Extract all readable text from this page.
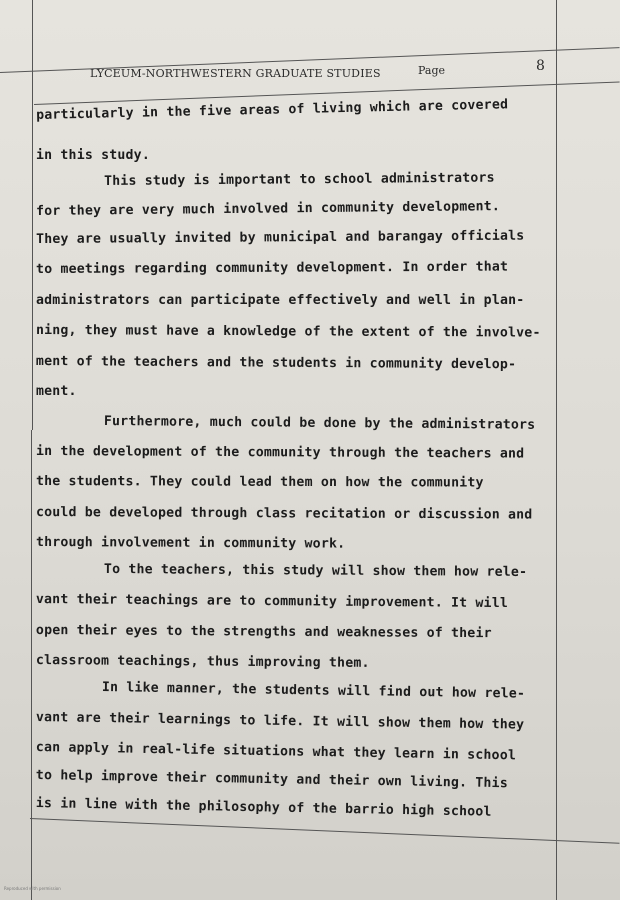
LYCEUM-NORTHWESTERN GRADUATE STUDIES	Page	8
particularly in the five areas of living which are covered
in this study.
This study is important to school administrators
for they are very much involved in community development.
They are usually invited by municipal and barangay officials
to meetings regarding community development. In order that
administrators can participate effectively and well in plan-
ning, they must have a knowledge of the extent of the involve-
ment of the teachers and the students in community develop-
ment.
Furthermore, much could be done by the administrators
in the development of the community through the teachers and
the students. They could lead them on how the community
could be developed through class recitation or discussion and
through involvement in community work.
To the teachers, this study will show them how rele-
vant their teachings are to community improvement. It will
open their eyes to the strengths and weaknesses of their
classroom teachings, thus improving them.
In like manner, the students will find out how rele-
vant are their learnings to life. It will show them how they
can apply in real-life situations what they learn in school
to help improve their community and their own living. This
is in line with the philosophy of the barrio high school
Reproduced with permission
